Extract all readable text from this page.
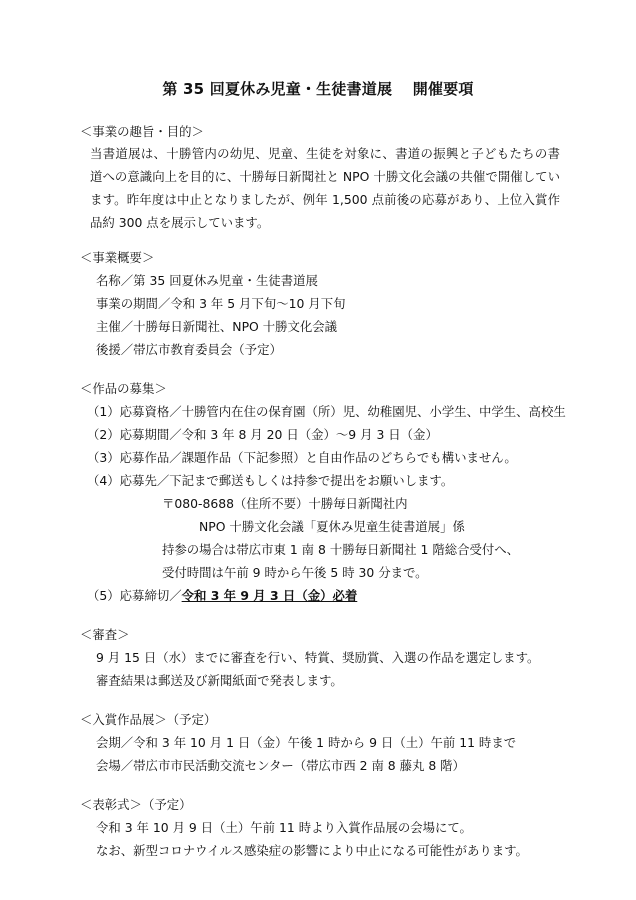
第 35 回夏休み児童・生徒書道展　 開催要項
＜事業の趣旨・目的＞
当書道展は、十勝管内の幼児、児童、生徒を対象に、書道の振興と子どもたちの書道への意識向上を目的に、十勝毎日新聞社と NPO 十勝文化会議の共催で開催しています。昨年度は中止となりましたが、例年 1,500 点前後の応募があり、上位入賞作品約 300 点を展示しています。
＜事業概要＞
名称／第 35 回夏休み児童・生徒書道展
事業の期間／令和 3 年 5 月下旬～10 月下旬
主催／十勝毎日新聞社、NPO 十勝文化会議
後援／帯広市教育委員会（予定）
＜作品の募集＞
（1）応募資格／十勝管内在住の保育園（所）児、幼稚園児、小学生、中学生、高校生
（2）応募期間／令和 3 年 8 月 20 日（金）～9 月 3 日（金）
（3）応募作品／課題作品（下記参照）と自由作品のどちらでも構いません。
（4）応募先／下記まで郵送もしくは持参で提出をお願いします。
〒080-8688（住所不要）十勝毎日新聞社内
NPO 十勝文化会議「夏休み児童生徒書道展」係
持参の場合は帯広市東 1 南 8 十勝毎日新聞社 1 階総合受付へ、
受付時間は午前 9 時から午後 5 時 30 分まで。
（5）応募締切／令和 3 年 9 月 3 日（金）必着
＜審査＞
9 月 15 日（水）までに審査を行い、特賞、奨励賞、入選の作品を選定します。
審査結果は郵送及び新聞紙面で発表します。
＜入賞作品展＞（予定）
会期／令和 3 年 10 月 1 日（金）午後 1 時から 9 日（土）午前 11 時まで
会場／帯広市市民活動交流センター（帯広市西 2 南 8 藤丸 8 階）
＜表彰式＞（予定）
令和 3 年 10 月 9 日（土）午前 11 時より入賞作品展の会場にて。
なお、新型コロナウイルス感染症の影響により中止になる可能性があります。
